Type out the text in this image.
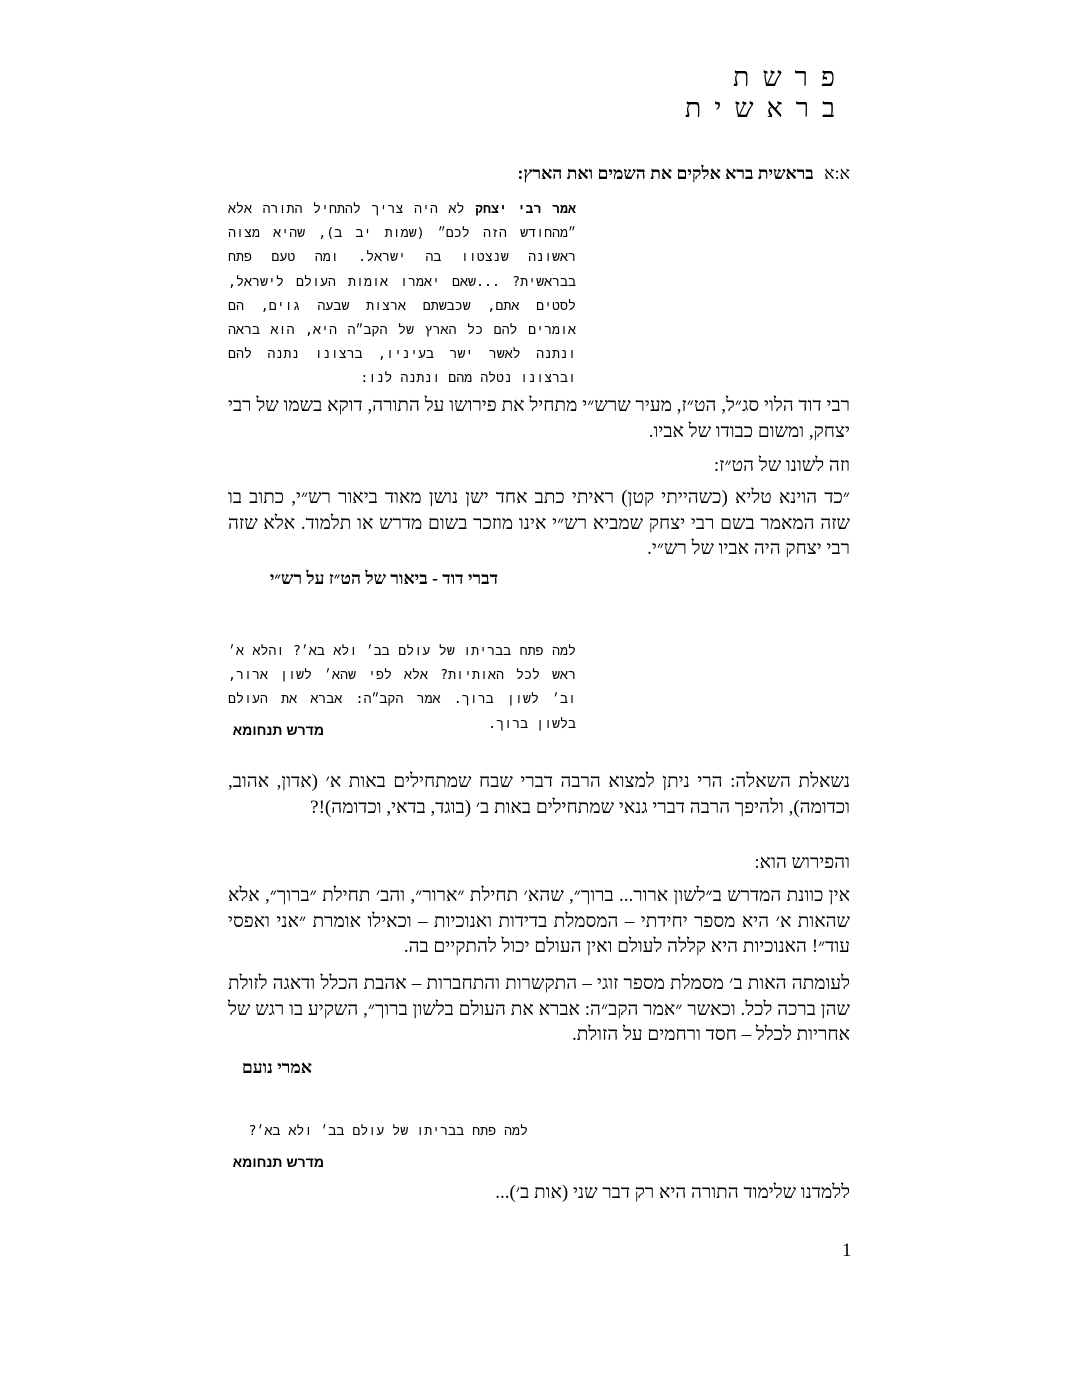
פרשת בראשית
א:א בראשית ברא אלקים את השמים ואת הארץ:
אמר רבי יצחק לא היה צריך להתחיל התורה אלא ״מהחודש הזה לכם״ (שמות יב ב), שהיא מצוה ראשונה שנצטוו בה ישראל. ומה טעם פתח בבראשית? ...שאם יאמרו אומות העולם לישראל, לסטים אתם, שכבשתם ארצות שבעה גוים, הם אומרים להם כל הארץ של הקב״ה היא, הוא בראה ונתנה לאשר ישר בעיניו, ברצונו נתנה להם וברצונו נטלה מהם ונתנה לנו:
רבי דוד הלוי סג״ל, הט״ז, מעיר שרש״י מתחיל את פירושו על התורה, דוקא בשמו של רבי יצחק, ומשום כבודו של אביו.
וזה לשונו של הט״ז:
״כד הוינא טליא (כשהייתי קטן) ראיתי כתב אחד ישן נושן מאוד ביאור רש״י, כתוב בו שזה המאמר בשם רבי יצחק שמביא רש״י אינו מוזכר בשום מדרש או תלמוד. אלא שזה רבי יצחק היה אביו של רש״י.
דברי דוד - ביאור של הט״ז על רש״י
למה פתח בבריתו של עולם בב׳ ולא בא׳? והלא א׳ ראש לכל האותיות? אלא לפי שהא׳ לשון ארור, וב׳ לשון ברוך. אמר הקב״ה: אברא את העולם בלשון ברוך.
מדרש תנחומא
נשאלת השאלה: הרי ניתן למצוא הרבה דברי שבח שמתחילים באות א׳ (אדון, אהוב, וכדומה), ולהיפך הרבה דברי גנאי שמתחילים באות ב׳ (בוגד, בדאי, וכדומה)!?
והפירוש הוא:
אין כוונת המדרש ב״לשון ארור... ברוך״, שהא׳ תחילת ״ארור״, והב׳ תחילת ״ברוך״, אלא שהאות א׳ היא מספר יחידתי – המסמלת בדידות ואנוכיות – וכאילו אומרת ״אני ואפסי עוד״! האנוכיות היא קללה לעולם ואין העולם יכול להתקיים בה.
לעומתה האות ב׳ מסמלת מספר זוגי – התקשרות והתחברות – אהבת הכלל ודאגה לזולת שהן ברכה לכל. וכאשר ״אמר הקב״ה: אברא את העולם בלשון ברוך״, השקיע בו רגש של אחריות לכלל – חסד ורחמים על הזולת.
אמרי נועם
למה פתח בבריתו של עולם בב׳ ולא בא׳?
מדרש תנחומא
ללמדנו שלימוד התורה היא רק דבר שני (אות ב׳)...
1
